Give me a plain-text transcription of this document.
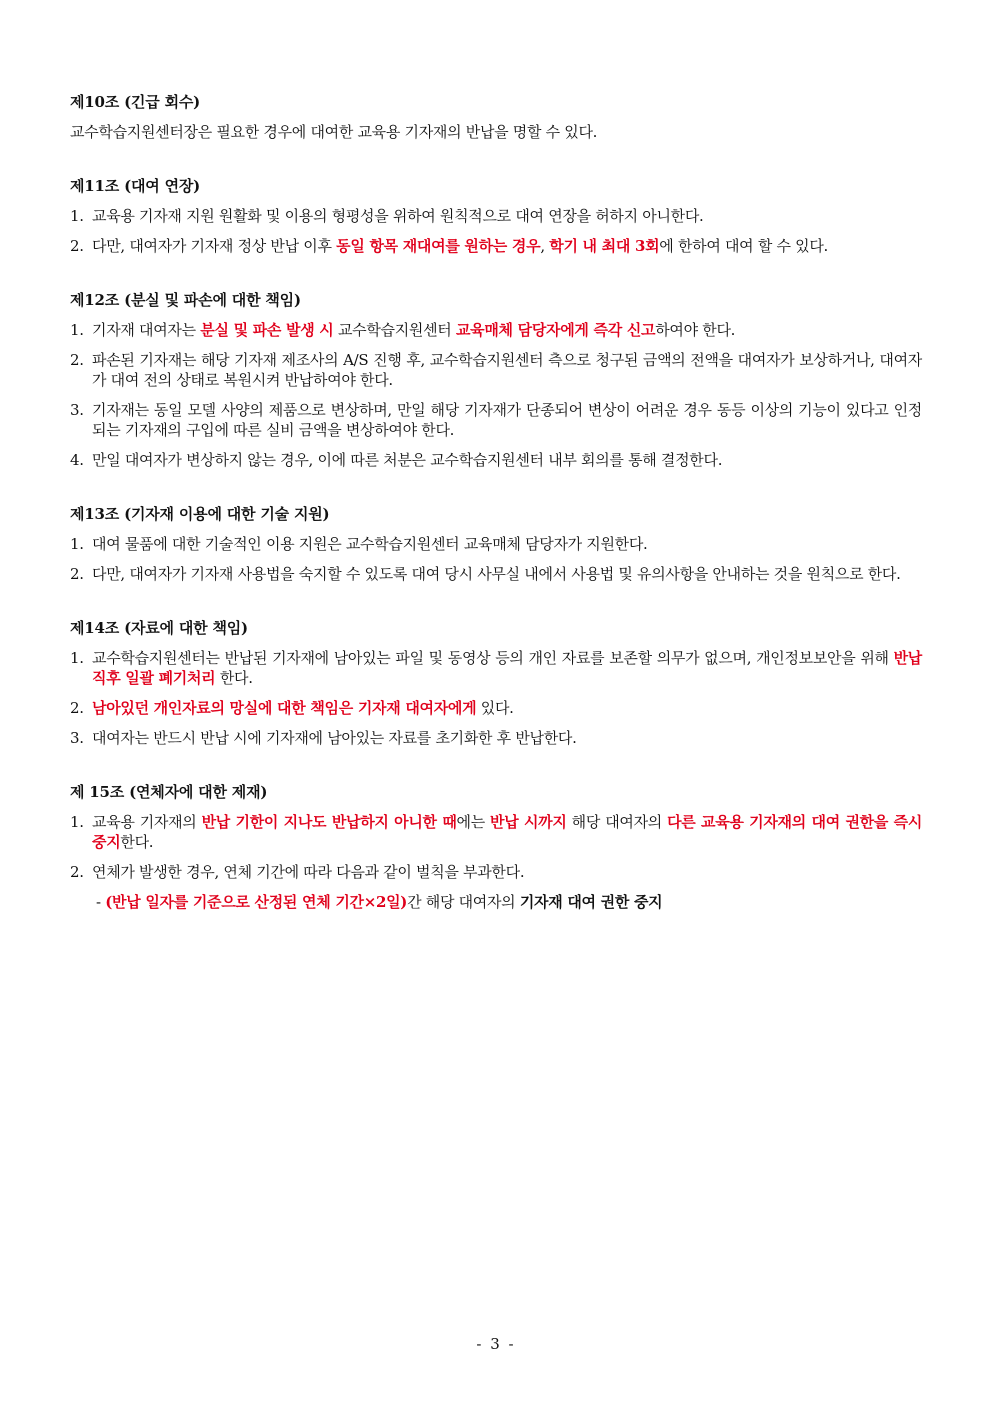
제10조 (긴급 회수)
교수학습지원센터장은 필요한 경우에 대여한 교육용 기자재의 반납을 명할 수 있다.
제11조 (대여 연장)
1. 교육용 기자재 지원 원활화 및 이용의 형평성을 위하여 원칙적으로 대여 연장을 허하지 아니한다.
2. 다만, 대여자가 기자재 정상 반납 이후 동일 항목 재대여를 원하는 경우, 학기 내 최대 3회에 한하여 대여 할 수 있다.
제12조 (분실 및 파손에 대한 책임)
1. 기자재 대여자는 분실 및 파손 발생 시 교수학습지원센터 교육매체 담당자에게 즉각 신고하여야 한다.
2. 파손된 기자재는 해당 기자재 제조사의 A/S 진행 후, 교수학습지원센터 측으로 청구된 금액의 전액을 대여자가 보상하거나, 대여자가 대여 전의 상태로 복원시켜 반납하여야 한다.
3. 기자재는 동일 모델 사양의 제품으로 변상하며, 만일 해당 기자재가 단종되어 변상이 어려운 경우 동등 이상의 기능이 있다고 인정되는 기자재의 구입에 따른 실비 금액을 변상하여야 한다.
4. 만일 대여자가 변상하지 않는 경우, 이에 따른 처분은 교수학습지원센터 내부 회의를 통해 결정한다.
제13조 (기자재 이용에 대한 기술 지원)
1. 대여 물품에 대한 기술적인 이용 지원은 교수학습지원센터 교육매체 담당자가 지원한다.
2. 다만, 대여자가 기자재 사용법을 숙지할 수 있도록 대여 당시 사무실 내에서 사용법 및 유의사항을 안내하는 것을 원칙으로 한다.
제14조 (자료에 대한 책임)
1. 교수학습지원센터는 반납된 기자재에 남아있는 파일 및 동영상 등의 개인 자료를 보존할 의무가 없으며, 개인정보보안을 위해 반납 직후 일괄 폐기처리 한다.
2. 남아있던 개인자료의 망실에 대한 책임은 기자재 대여자에게 있다.
3. 대여자는 반드시 반납 시에 기자재에 남아있는 자료를 초기화한 후 반납한다.
제 15조 (연체자에 대한 제재)
1. 교육용 기자재의 반납 기한이 지나도 반납하지 아니한 때에는 반납 시까지 해당 대여자의 다른 교육용 기자재의 대여 권한을 즉시 중지한다.
2. 연체가 발생한 경우, 연체 기간에 따라 다음과 같이 벌칙을 부과한다.
- (반납 일자를 기준으로 산정된 연체 기간×2일)간 해당 대여자의 기자재 대여 권한 중지
- 3 -
